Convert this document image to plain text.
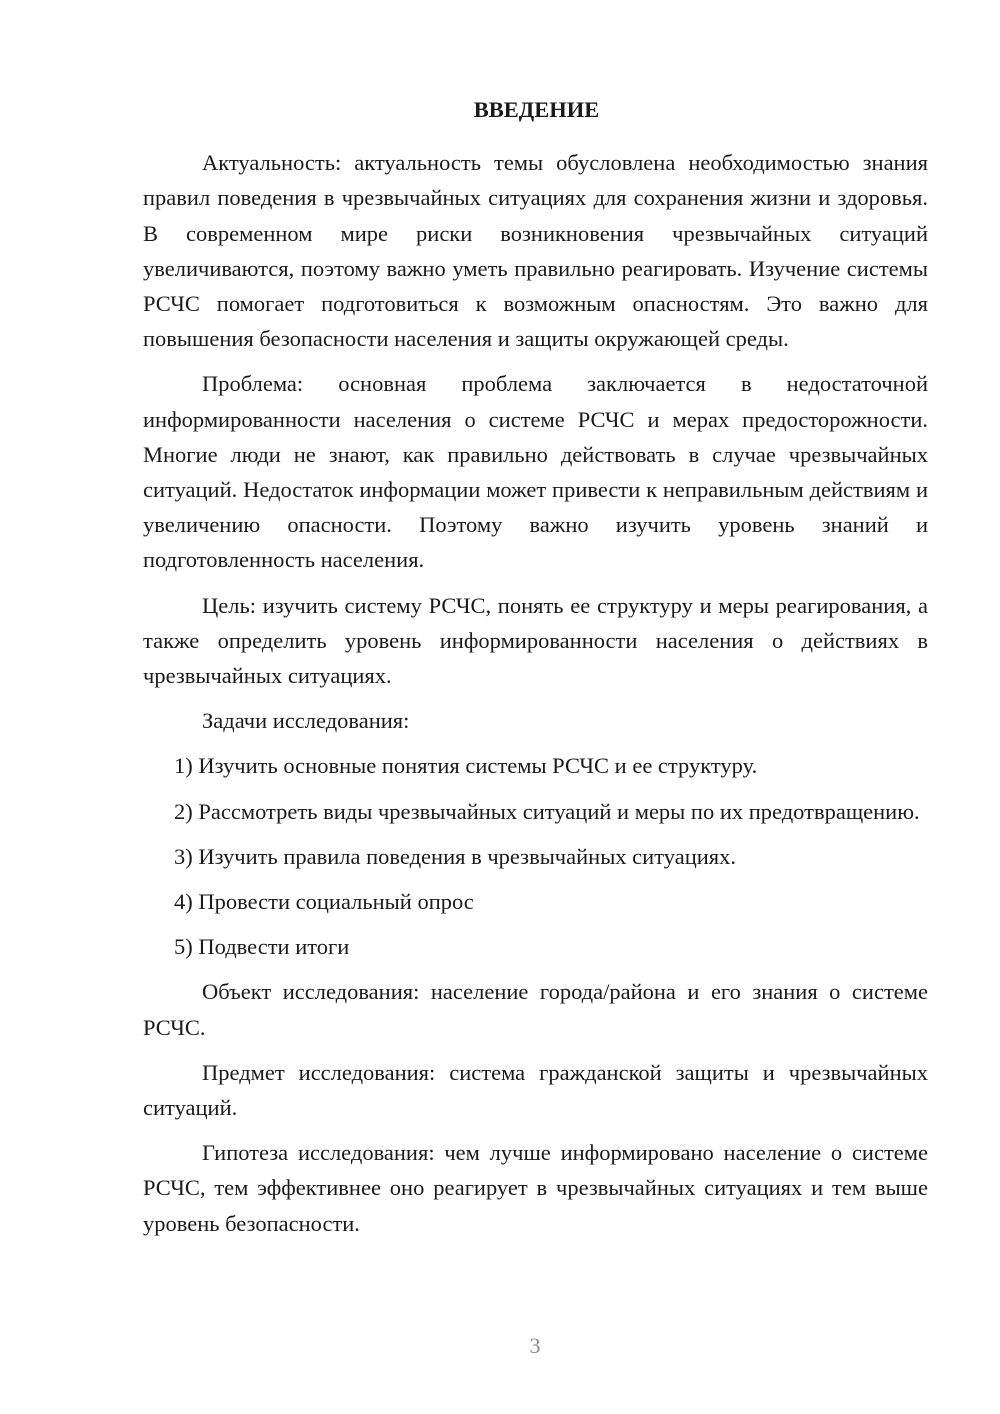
ВВЕДЕНИЕ

Актуальность: актуальность темы обусловлена необходимостью знания правил поведения в чрезвычайных ситуациях для сохранения жизни и здоровья. В современном мире риски возникновения чрезвычайных ситуаций увеличиваются, поэтому важно уметь правильно реагировать. Изучение системы РСЧС помогает подготовиться к возможным опасностям. Это важно для повышения безопасности населения и защиты окружающей среды.

Проблема: основная проблема заключается в недостаточной информированности населения о системе РСЧС и мерах предосторожности. Многие люди не знают, как правильно действовать в случае чрезвычайных ситуаций. Недостаток информации может привести к неправильным действиям и увеличению опасности. Поэтому важно изучить уровень знаний и подготовленность населения.

Цель: изучить систему РСЧС, понять ее структуру и меры реагирования, а также определить уровень информированности населения о действиях в чрезвычайных ситуациях.

Задачи исследования:

1) Изучить основные понятия системы РСЧС и ее структуру.

2) Рассмотреть виды чрезвычайных ситуаций и меры по их предотвращению.

3) Изучить правила поведения в чрезвычайных ситуациях.

4) Провести социальный опрос

5) Подвести итоги

Объект исследования: население города/района и его знания о системе РСЧС.

Предмет исследования: система гражданской защиты и чрезвычайных ситуаций.

Гипотеза исследования: чем лучше информировано население о системе РСЧС, тем эффективнее оно реагирует в чрезвычайных ситуациях и тем выше уровень безопасности.

3
